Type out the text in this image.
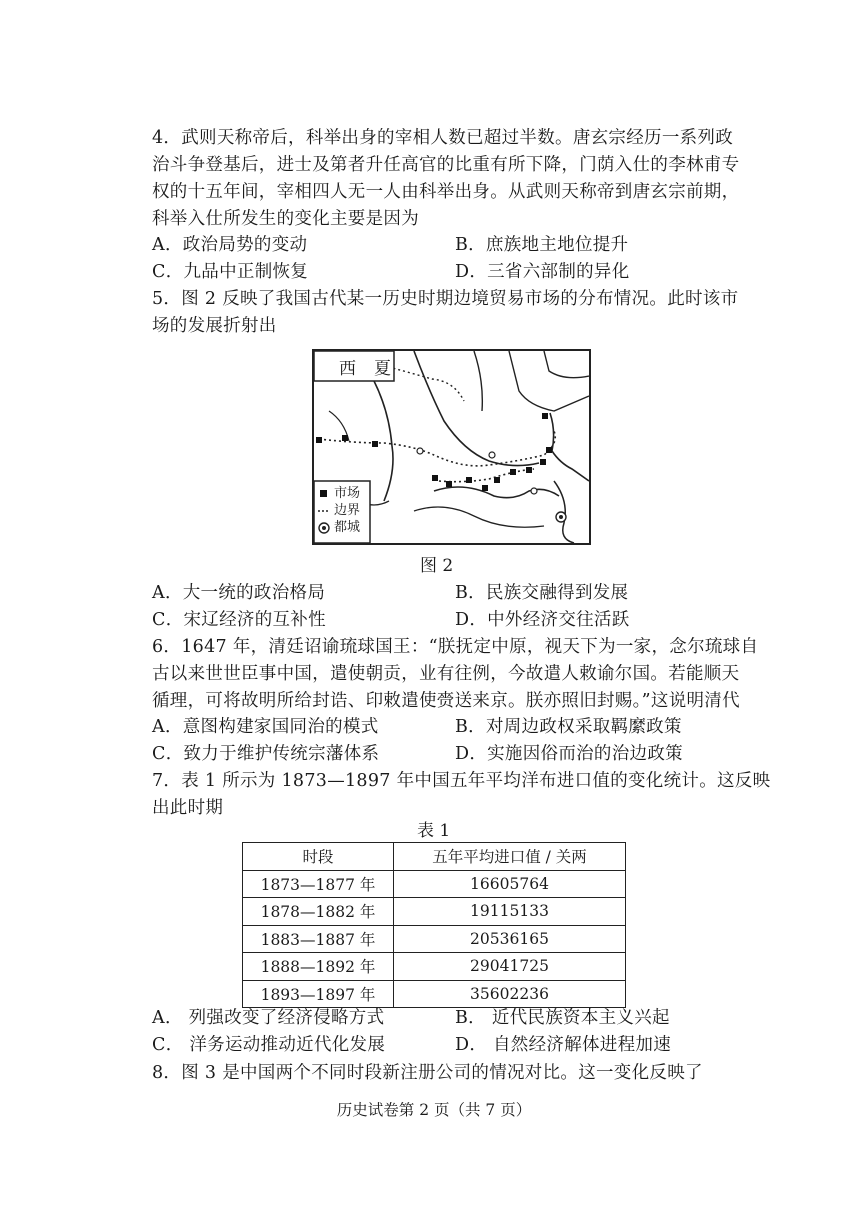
4．武则天称帝后，科举出身的宰相人数已超过半数。唐玄宗经历一系列政
治斗争登基后，进士及第者升任高官的比重有所下降，门荫入仕的李林甫专
权的十五年间，宰相四人无一人由科举出身。从武则天称帝到唐玄宗前期，
科举入仕所发生的变化主要是因为
A．政治局势的变动	B．庶族地主地位提升
C．九品中正制恢复	D．三省六部制的异化
5．图 2 反映了我国古代某一历史时期边境贸易市场的分布情况。此时该市
场的发展折射出
西 夏
市场
边界
都城
图 2
A．大一统的政治格局	B．民族交融得到发展
C．宋辽经济的互补性	D．中外经济交往活跃
6．1647 年，清廷诏谕琉球国王：“朕抚定中原，视天下为一家，念尔琉球自
古以来世世臣事中国，遣使朝贡，业有往例，今故遣人敕谕尔国。若能顺天
循理，可将故明所给封诰、印敕遣使赍送来京。朕亦照旧封赐。”这说明清代
A．意图构建家国同治的模式	B．对周边政权采取羁縻政策
C．致力于维护传统宗藩体系	D．实施因俗而治的治边政策
7．表 1 所示为 1873—1897 年中国五年平均洋布进口值的变化统计。这反映
出此时期
表 1
时段	五年平均进口值 / 关两
1873—1877 年	16605764
1878—1882 年	19115133
1883—1887 年	20536165
1888—1892 年	29041725
1893—1897 年	35602236
A． 列强改变了经济侵略方式	B． 近代民族资本主义兴起
C． 洋务运动推动近代化发展	D． 自然经济解体进程加速
8．图 3 是中国两个不同时段新注册公司的情况对比。这一变化反映了
历史试卷第 2 页（共 7 页）
